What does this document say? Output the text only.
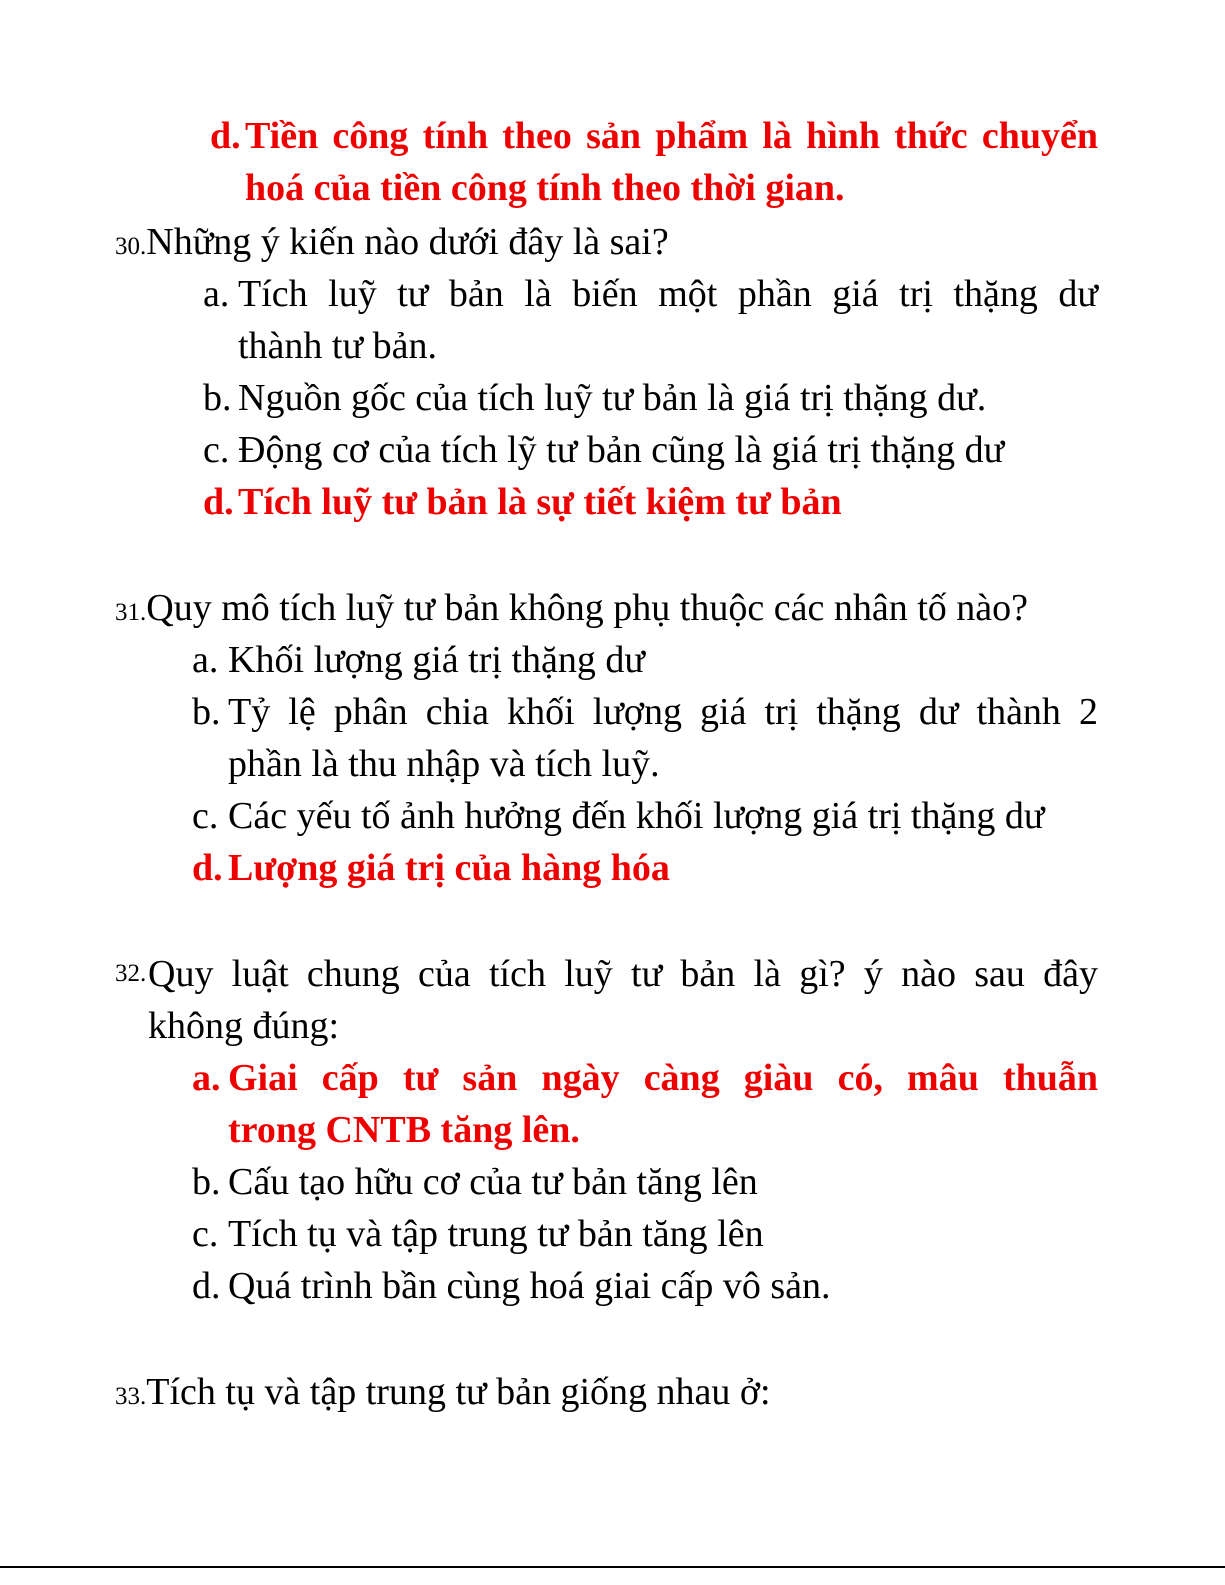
d. Tiền công tính theo sản phẩm là hình thức chuyển
hoá của tiền công tính theo thời gian.
30.Những ý kiến nào dưới đây là sai?
a. Tích luỹ tư bản là biến một phần giá trị thặng dư
thành tư bản.
b. Nguồn gốc của tích luỹ tư bản là giá trị thặng dư.
c. Động cơ của tích lỹ tư bản cũng là giá trị thặng dư
d. Tích luỹ tư bản là sự tiết kiệm tư bản
31.Quy mô tích luỹ tư bản không phụ thuộc các nhân tố nào?
a. Khối lượng giá trị thặng dư
b. Tỷ lệ phân chia khối lượng giá trị thặng dư thành 2
phần là thu nhập và tích luỹ.
c. Các yếu tố ảnh hưởng đến khối lượng giá trị thặng dư
d. Lượng giá trị của hàng hóa
32. Quy luật chung của tích luỹ tư bản là gì? ý nào sau đây
không đúng:
a. Giai cấp tư sản ngày càng giàu có, mâu thuẫn
trong CNTB tăng lên.
b. Cấu tạo hữu cơ của tư bản tăng lên
c. Tích tụ và tập trung tư bản tăng lên
d. Quá trình bần cùng hoá giai cấp vô sản.
33.Tích tụ và tập trung tư bản giống nhau ở:
